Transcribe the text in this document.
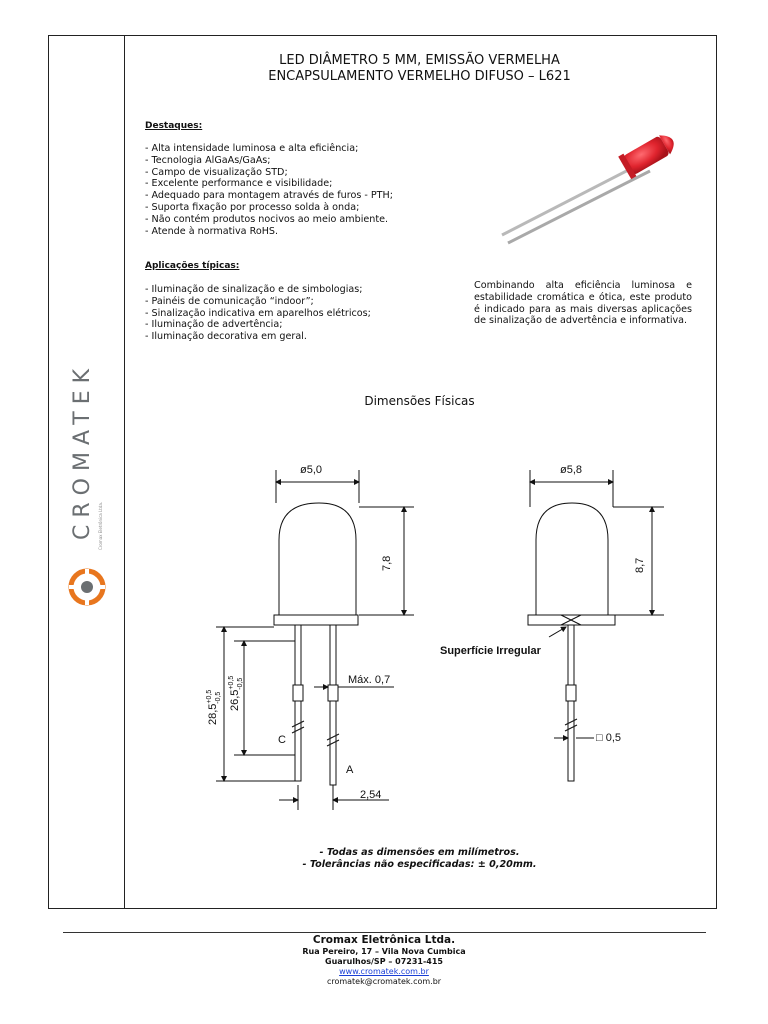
CROMATEK Cromax Eletrônica Ltda.
LED DIÂMETRO 5 MM, EMISSÃO VERMELHA
ENCAPSULAMENTO VERMELHO DIFUSO – L621
Destaques:
- Alta intensidade luminosa e alta eficiência;
- Tecnologia AlGaAs/GaAs;
- Campo de visualização STD;
- Excelente performance e visibilidade;
- Adequado para montagem através de furos - PTH;
- Suporta fixação por processo solda à onda;
- Não contém produtos nocivos ao meio ambiente.
- Atende à normativa RoHS.
Aplicações típicas:
- Iluminação de sinalização e de simbologias;
- Painéis de comunicação “indoor”;
- Sinalização indicativa em aparelhos elétricos;
- Iluminação de advertência;
- Iluminação decorativa em geral.
Combinando alta eficiência luminosa e estabilidade cromática e ótica, este produto é indicado para as mais diversas aplicações de sinalização de advertência e informativa.
Dimensões Físicas
ø5,0
7,8
$28,5^{+0,5}$ -0,5 $26,5^{+0,5}$ -0,5	Máx. 0,7
C
A
2,54
ø5,8
8,7
Superfície Irregular
□ 0,5
- Todas as dimensões em milímetros.
- Tolerâncias não especificadas: ± 0,20mm.
Cromax Eletrônica Ltda.
Rua Pereiro, 17 – Vila Nova Cumbica
Guarulhos/SP – 07231-415
www.cromatek.com.br
cromatek@cromatek.com.br
